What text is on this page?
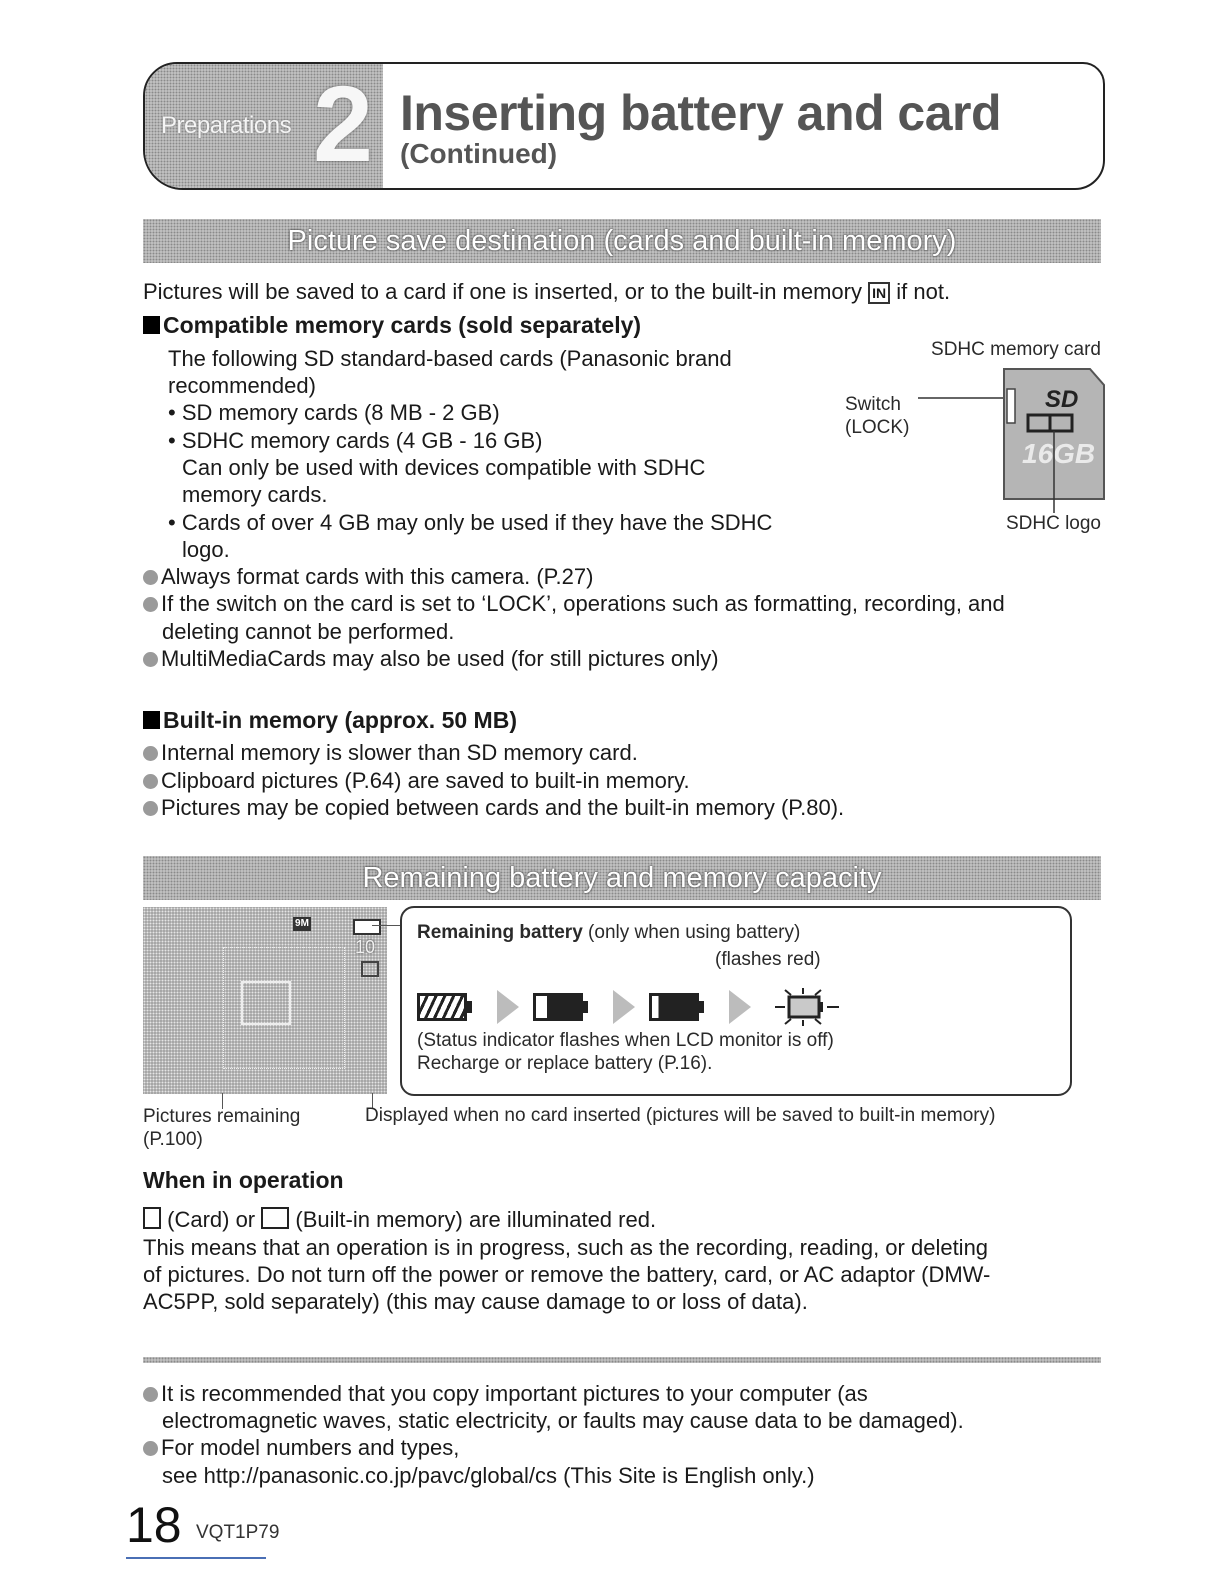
Preparations 2 Inserting battery and card
(Continued)
Picture save destination (cards and built-in memory)
Pictures will be saved to a card if one is inserted, or to the built-in memory IN if not.
Compatible memory cards (sold separately)
The following SD standard-based cards (Panasonic brand
recommended)
• SD memory cards (8 MB - 2 GB)
• SDHC memory cards (4 GB - 16 GB)
Can only be used with devices compatible with SDHC
memory cards.
• Cards of over 4 GB may only be used if they have the SDHC
logo.
Always format cards with this camera. (P.27)
If the switch on the card is set to ‘LOCK’, operations such as formatting, recording, and
deleting cannot be performed.
MultiMediaCards may also be used (for still pictures only)
SDHC memory card
Switch
(LOCK)
SD
16GB
SDHC logo
Built-in memory (approx. 50 MB)
Internal memory is slower than SD memory card.
Clipboard pictures (P.64) are saved to built-in memory.
Pictures may be copied between cards and the built-in memory (P.80).
Remaining battery and memory capacity
9M
10
Remaining battery (only when using battery)
(flashes red)
(Status indicator flashes when LCD monitor is off)
Recharge or replace battery (P.16).
Pictures remaining
(P.100)
Displayed when no card inserted (pictures will be saved to built-in memory)
When in operation
(Card) or (Built-in memory) are illuminated red.
This means that an operation is in progress, such as the recording, reading, or deleting
of pictures. Do not turn off the power or remove the battery, card, or AC adaptor (DMW-
AC5PP, sold separately) (this may cause damage to or loss of data).
It is recommended that you copy important pictures to your computer (as
electromagnetic waves, static electricity, or faults may cause data to be damaged).
For model numbers and types,
see http://panasonic.co.jp/pavc/global/cs (This Site is English only.)
18 VQT1P79
